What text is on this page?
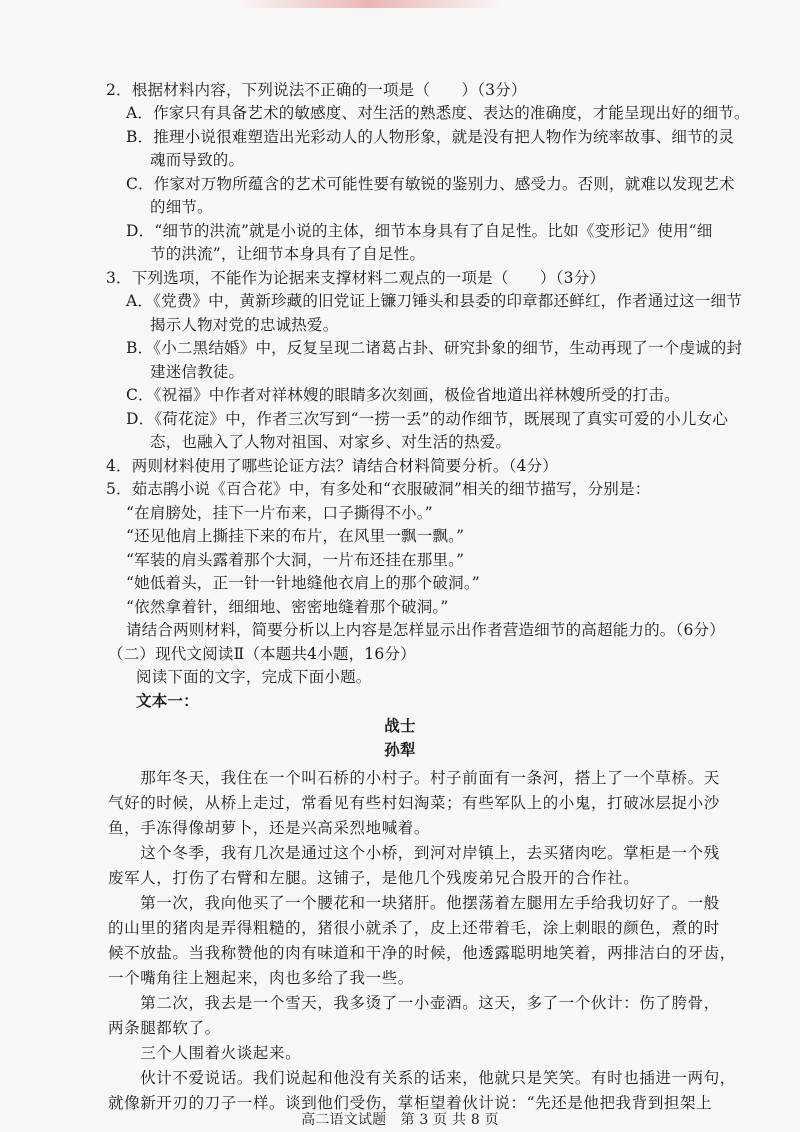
2．根据材料内容，下列说法不正确的一项是（　　）（3分）
A．作家只有具备艺术的敏感度、对生活的熟悉度、表达的准确度，才能呈现出好的细节。
B．推理小说很难塑造出光彩动人的人物形象，就是没有把人物作为统率故事、细节的灵
魂而导致的。
C．作家对万物所蕴含的艺术可能性要有敏锐的鉴别力、感受力。否则，就难以发现艺术
的细节。
D．“细节的洪流”就是小说的主体，细节本身具有了自足性。比如《变形记》使用“细
节的洪流”，让细节本身具有了自足性。
3．下列选项，不能作为论据来支撑材料二观点的一项是（　　）（3分）
A．《党费》中，黄新珍藏的旧党证上镰刀锤头和县委的印章都还鲜红，作者通过这一细节
揭示人物对党的忠诚热爱。
B．《小二黑结婚》中，反复呈现二诸葛占卦、研究卦象的细节，生动再现了一个虔诚的封
建迷信教徒。
C．《祝福》中作者对祥林嫂的眼睛多次刻画，极俭省地道出祥林嫂所受的打击。
D．《荷花淀》中，作者三次写到“一捞一丢”的动作细节，既展现了真实可爱的小儿女心
态，也融入了人物对祖国、对家乡、对生活的热爱。
4．两则材料使用了哪些论证方法？请结合材料简要分析。（4分）
5．茹志鹃小说《百合花》中，有多处和“衣服破洞”相关的细节描写，分别是：
“在肩膀处，挂下一片布来，口子撕得不小。”
“还见他肩上撕挂下来的布片，在风里一飘一飘。”
“军装的肩头露着那个大洞，一片布还挂在那里。”
“她低着头，正一针一针地缝他衣肩上的那个破洞。”
“依然拿着针，细细地、密密地缝着那个破洞。”
请结合两则材料，简要分析以上内容是怎样显示出作者营造细节的高超能力的。（6分）
（二）现代文阅读Ⅱ（本题共4小题，16分）
阅读下面的文字，完成下面小题。
文本一：
战士
孙犁
　　那年冬天，我住在一个叫石桥的小村子。村子前面有一条河，搭上了一个草桥。天
气好的时候，从桥上走过，常看见有些村妇淘菜；有些军队上的小鬼，打破冰层捉小沙
鱼，手冻得像胡萝卜，还是兴高采烈地喊着。
　　这个冬季，我有几次是通过这个小桥，到河对岸镇上，去买猪肉吃。掌柜是一个残
废军人，打伤了右臂和左腿。这铺子，是他几个残废弟兄合股开的合作社。
　　第一次，我向他买了一个腰花和一块猪肝。他摆荡着左腿用左手给我切好了。一般
的山里的猪肉是弄得粗糙的，猪很小就杀了，皮上还带着毛，涂上刺眼的颜色，煮的时
候不放盐。当我称赞他的肉有味道和干净的时候，他透露聪明地笑着，两排洁白的牙齿，
一个嘴角往上翘起来，肉也多给了我一些。
　　第二次，我去是一个雪天，我多烫了一小壶酒。这天，多了一个伙计：伤了胯骨，
两条腿都软了。
　　三个人围着火谈起来。
　　伙计不爱说话。我们说起和他没有关系的话来，他就只是笑笑。有时也插进一两句，
就像新开刃的刀子一样。谈到他们受伤，掌柜望着伙计说：“先还是他把我背到担架上
高二语文试题　第 3 页 共 8 页
